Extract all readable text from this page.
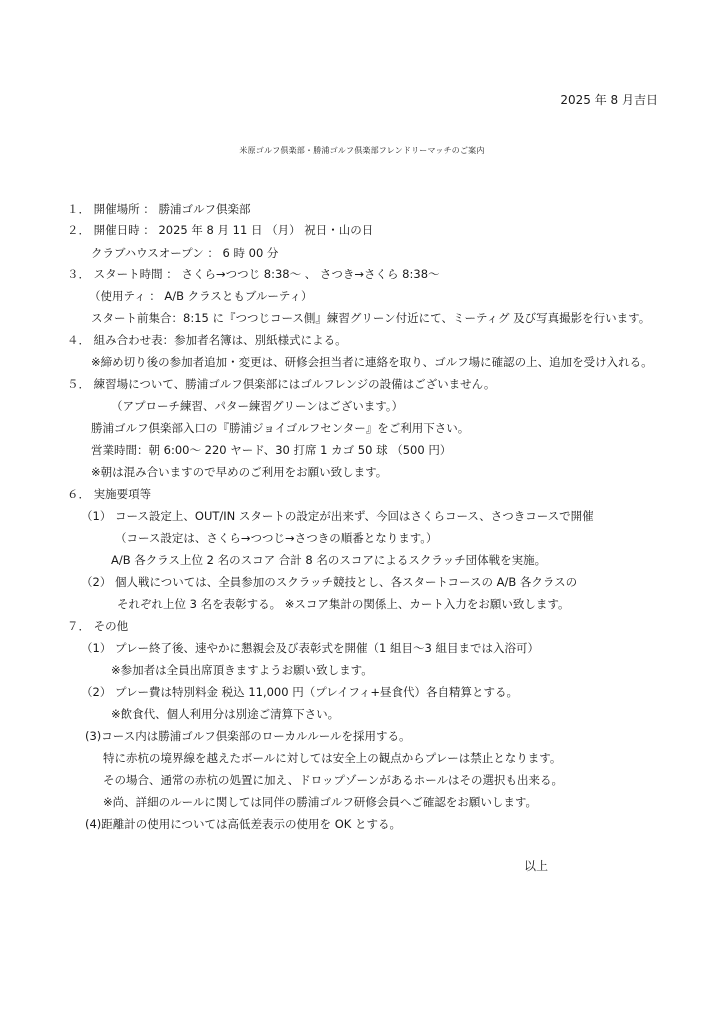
2025 年 8 月吉日
米原ゴルフ倶楽部・勝浦ゴルフ倶楽部フレンドリーマッチのご案内
１． 開催場所 ： 勝浦ゴルフ倶楽部
２． 開催日時 ： 2025 年 8 月 11 日 （月） 祝日・山の日
クラブハウスオープン ： 6 時 00 分
３． スタート時間 ： さくら→つつじ 8:38～ 、 さつき→さくら 8:38～
（使用ティ ： A/B クラスともブルーティ）
スタート前集合：8:15 に『つつじコース側』練習グリーン付近にて、ミーティグ 及び写真撮影を行います。
４． 組み合わせ表：参加者名簿は、別紙様式による。
※締め切り後の参加者追加・変更は、研修会担当者に連絡を取り、ゴルフ場に確認の上、追加を受け入れる。
５． 練習場について、勝浦ゴルフ倶楽部にはゴルフレンジの設備はございません。
（アプローチ練習、パター練習グリーンはございます。）
勝浦ゴルフ倶楽部入口の『勝浦ジョイゴルフセンター』をご利用下さい。
営業時間：朝 6:00～ 220 ヤード、30 打席 1 カゴ 50 球 （500 円）
※朝は混み合いますので早めのご利用をお願い致します。
６． 実施要項等
（1） コース設定上、OUT/IN スタートの設定が出来ず、今回はさくらコース、さつきコースで開催
（コース設定は、さくら→つつじ→さつきの順番となります。）
A/B 各クラス上位 2 名のスコア 合計 8 名のスコアによるスクラッチ団体戦を実施。
（2） 個人戦については、全員参加のスクラッチ競技とし、各スタートコースの A/B 各クラスの
それぞれ上位 3 名を表彰する。 ※スコア集計の関係上、カート入力をお願い致します。
７． その他
（1） プレー終了後、速やかに懇親会及び表彰式を開催（1 組目～3 組目までは入浴可）
※参加者は全員出席頂きますようお願い致します。
（2） プレー費は特別料金 税込 11,000 円（プレイフィ+昼食代）各自精算とする。
※飲食代、個人利用分は別途ご清算下さい。
(3)コース内は勝浦ゴルフ倶楽部のローカルルールを採用する。
特に赤杭の境界線を越えたボールに対しては安全上の観点からプレーは禁止となります。
その場合、通常の赤杭の処置に加え、ドロップゾーンがあるホールはその選択も出来る。
※尚、詳細のルールに関しては同伴の勝浦ゴルフ研修会員へご確認をお願いします。
(4)距離計の使用については高低差表示の使用を OK とする。
以上
